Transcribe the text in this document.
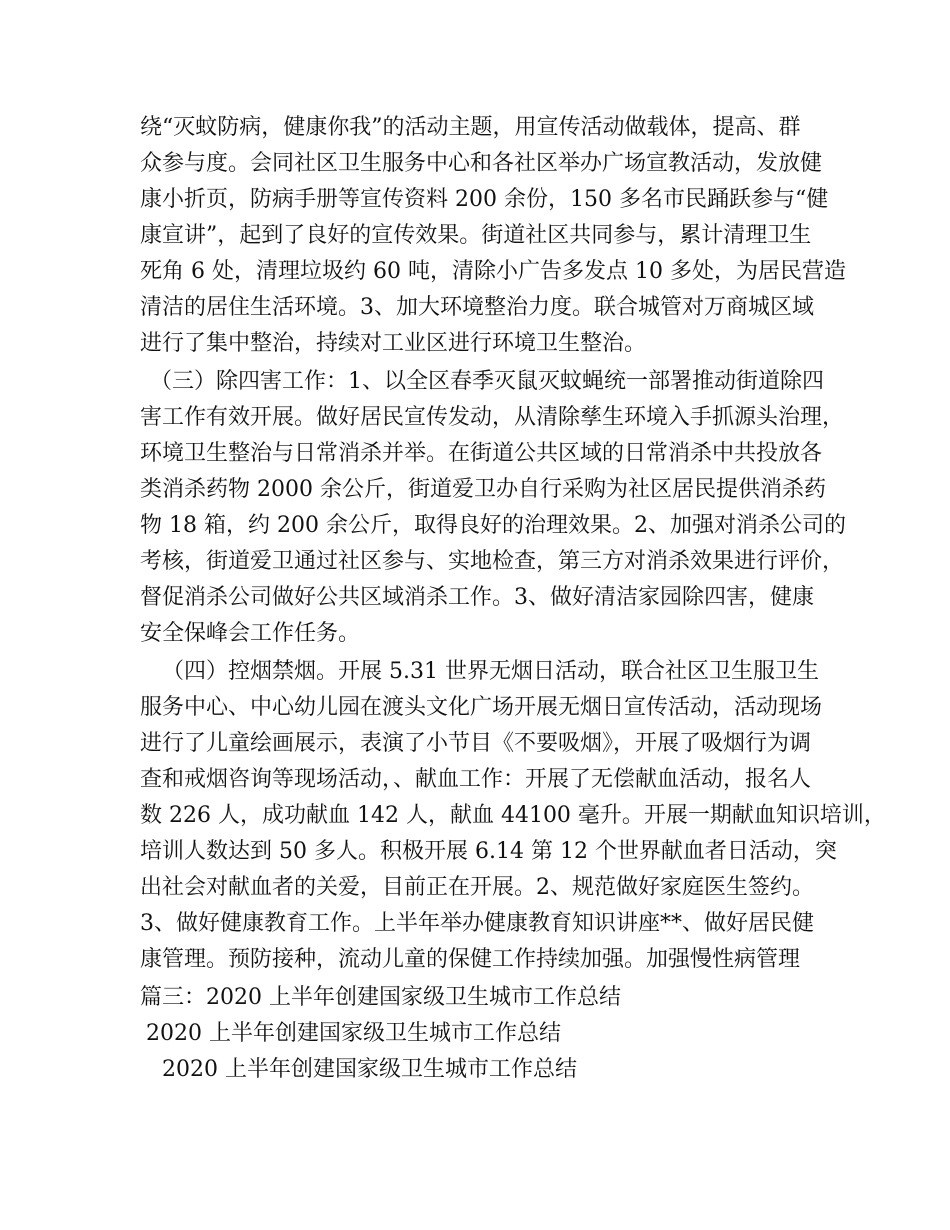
绕“灭蚊防病，健康你我”的活动主题，用宣传活动做载体，提高、群
众参与度。会同社区卫生服务中心和各社区举办广场宣教活动，发放健
康小折页，防病手册等宣传资料 200 余份，150 多名市民踊跃参与“健
康宣讲”，起到了良好的宣传效果。街道社区共同参与，累计清理卫生
死角 6 处，清理垃圾约 60 吨，清除小广告多发点 10 多处，为居民营造
清洁的居住生活环境。3、加大环境整治力度。联合城管对万商城区域
进行了集中整治，持续对工业区进行环境卫生整治。
（三）除四害工作：1、以全区春季灭鼠灭蚊蝇统一部署推动街道除四
害工作有效开展。做好居民宣传发动，从清除孳生环境入手抓源头治理，
环境卫生整治与日常消杀并举。在街道公共区域的日常消杀中共投放各
类消杀药物 2000 余公斤，街道爱卫办自行采购为社区居民提供消杀药
物 18 箱，约 200 余公斤，取得良好的治理效果。2、加强对消杀公司的
考核，街道爱卫通过社区参与、实地检查，第三方对消杀效果进行评价，
督促消杀公司做好公共区域消杀工作。3、做好清洁家园除四害，健康
安全保峰会工作任务。
（四）控烟禁烟。开展 5.31 世界无烟日活动，联合社区卫生服卫生
服务中心、中心幼儿园在渡头文化广场开展无烟日宣传活动，活动现场
进行了儿童绘画展示，表演了小节目《不要吸烟》，开展了吸烟行为调
查和戒烟咨询等现场活动，、献血工作：开展了无偿献血活动，报名人
数 226 人，成功献血 142 人，献血 44100 毫升。开展一期献血知识培训，
培训人数达到 50 多人。积极开展 6.14 第 12 个世界献血者日活动，突
出社会对献血者的关爱，目前正在开展。2、规范做好家庭医生签约。
3、做好健康教育工作。上半年举办健康教育知识讲座**、做好居民健
康管理。预防接种，流动儿童的保健工作持续加强。加强慢性病管理
篇三：2020 上半年创建国家级卫生城市工作总结
2020 上半年创建国家级卫生城市工作总结
2020 上半年创建国家级卫生城市工作总结
